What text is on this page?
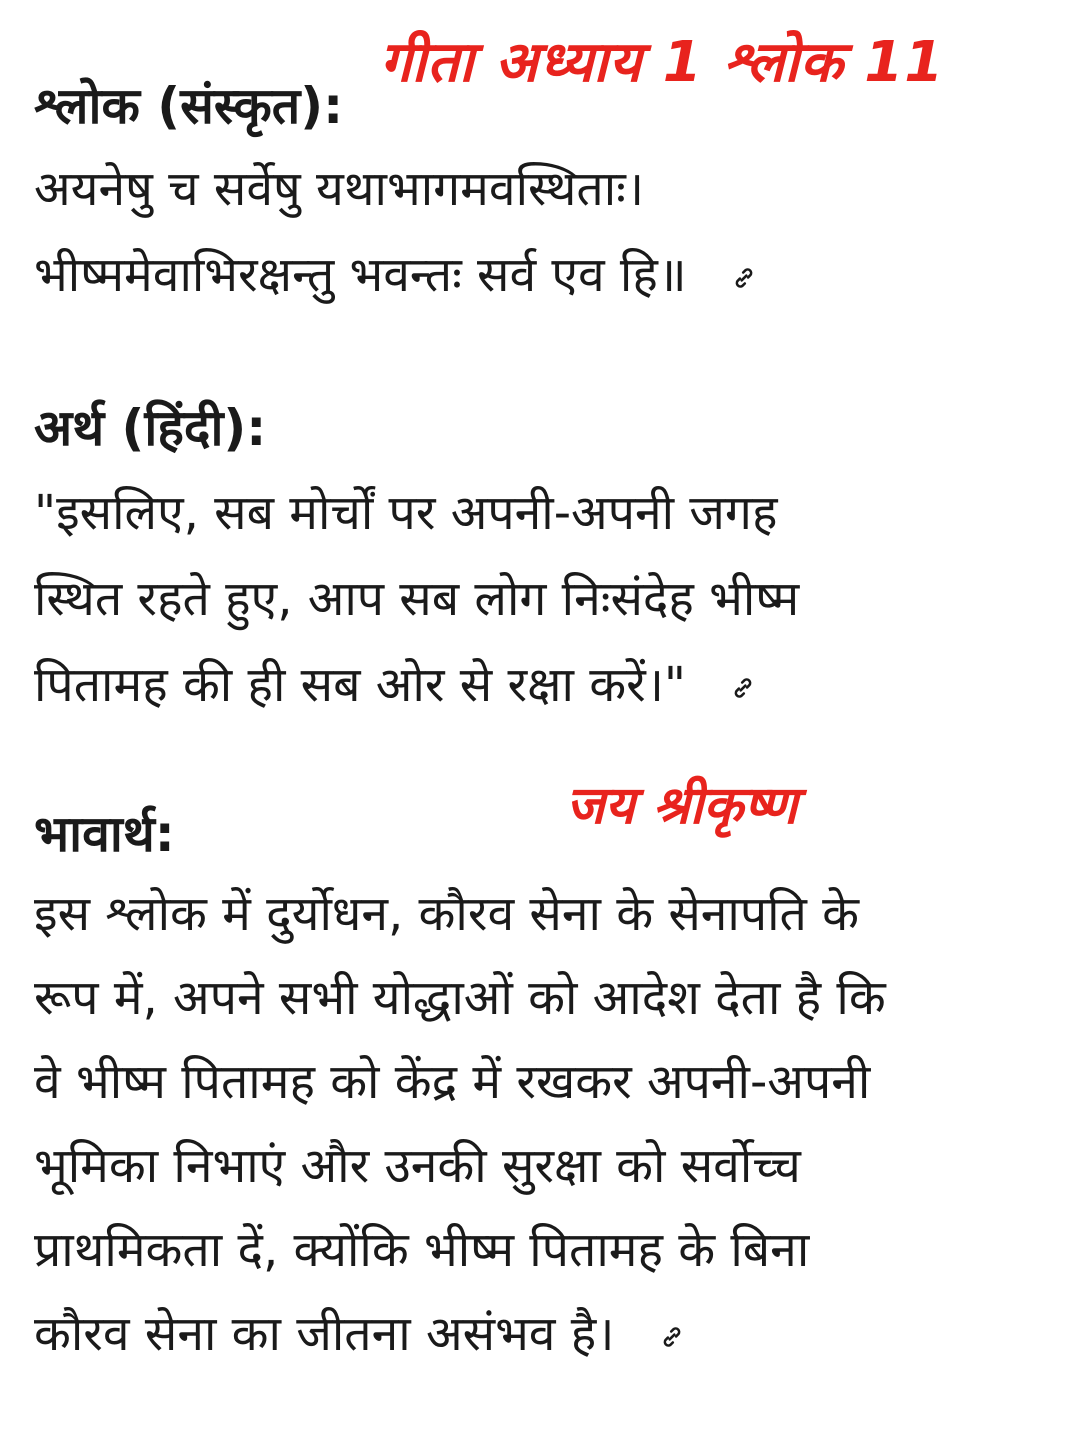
गीता अध्याय 1 श्लोक 11

श्लोक (संस्कृत):

अयनेषु च सर्वेषु यथाभागमवस्थिताः।

भीष्ममेवाभिरक्षन्तु भवन्तः सर्व एव हि॥

अर्थ (हिंदी):

"इसलिए, सब मोर्चों पर अपनी-अपनी जगह

स्थित रहते हुए, आप सब लोग निःसंदेह भीष्म

पितामह की ही सब ओर से रक्षा करें।"

जय श्रीकृष्ण

भावार्थ:

इस श्लोक में दुर्योधन, कौरव सेना के सेनापति के

रूप में, अपने सभी योद्धाओं को आदेश देता है कि

वे भीष्म पितामह को केंद्र में रखकर अपनी-अपनी

भूमिका निभाएं और उनकी सुरक्षा को सर्वोच्च

प्राथमिकता दें, क्योंकि भीष्म पितामह के बिना

कौरव सेना का जीतना असंभव है।
